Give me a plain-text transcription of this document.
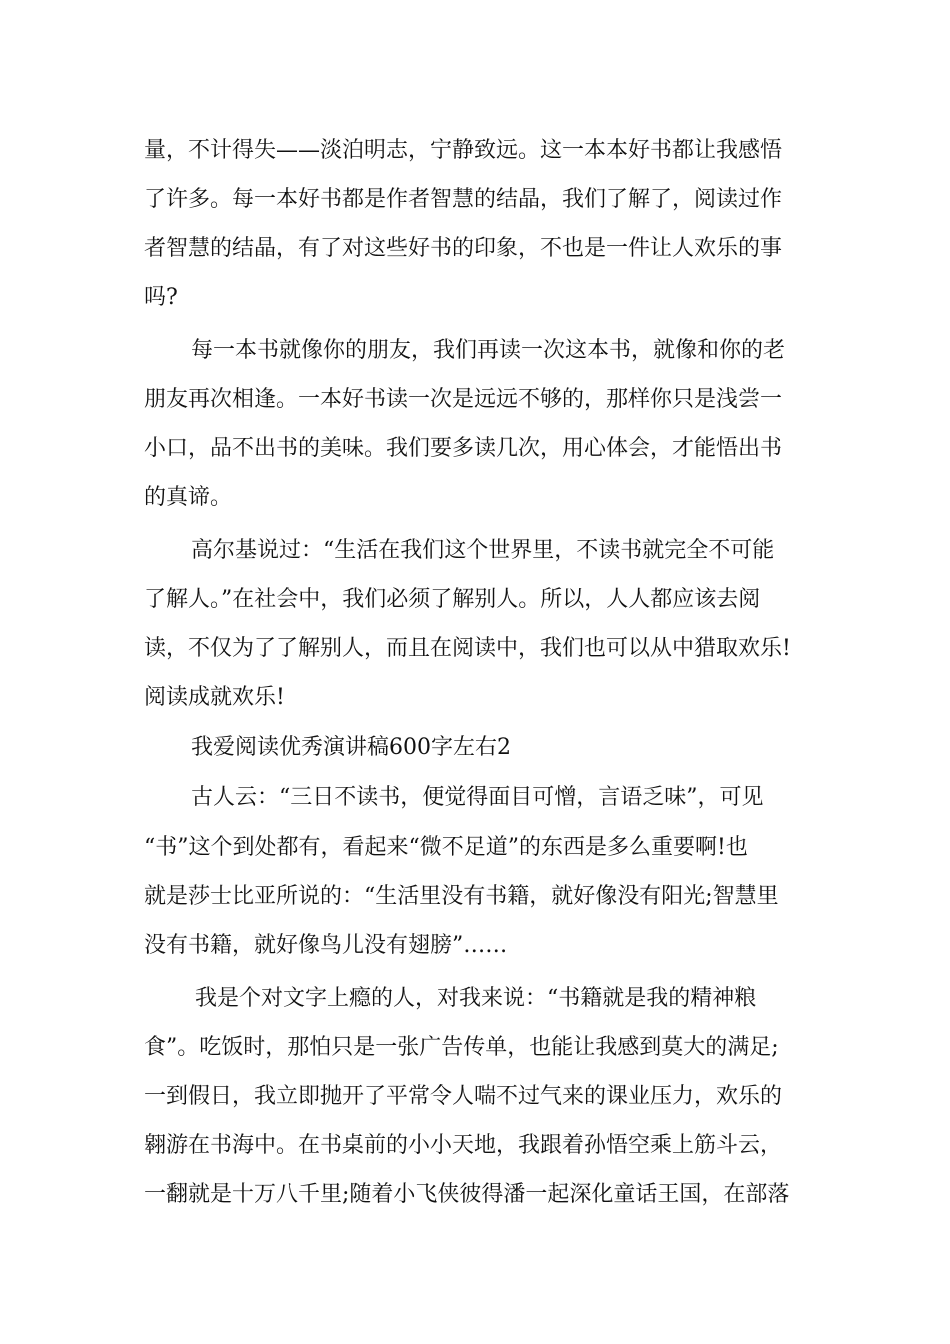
量，不计得失——淡泊明志，宁静致远。这一本本好书都让我感悟
了许多。每一本好书都是作者智慧的结晶，我们了解了，阅读过作
者智慧的结晶，有了对这些好书的印象，不也是一件让人欢乐的事
吗?
每一本书就像你的朋友，我们再读一次这本书，就像和你的老
朋友再次相逢。一本好书读一次是远远不够的，那样你只是浅尝一
小口，品不出书的美味。我们要多读几次，用心体会，才能悟出书
的真谛。
高尔基说过：“生活在我们这个世界里，不读书就完全不可能
了解人。”在社会中，我们必须了解别人。所以，人人都应该去阅
读，不仅为了了解别人，而且在阅读中，我们也可以从中猎取欢乐!
阅读成就欢乐!
我爱阅读优秀演讲稿600字左右2
古人云：“三日不读书，便觉得面目可憎，言语乏味”，可见
“书”这个到处都有，看起来“微不足道”的东西是多么重要啊!也
就是莎士比亚所说的：“生活里没有书籍，就好像没有阳光;智慧里
没有书籍，就好像鸟儿没有翅膀”……
我是个对文字上瘾的人，对我来说：“书籍就是我的精神粮
食”。吃饭时，那怕只是一张广告传单，也能让我感到莫大的满足;
一到假日，我立即抛开了平常令人喘不过气来的课业压力，欢乐的
翱游在书海中。在书桌前的小小天地，我跟着孙悟空乘上筋斗云，
一翻就是十万八千里;随着小飞侠彼得潘一起深化童话王国，在部落
